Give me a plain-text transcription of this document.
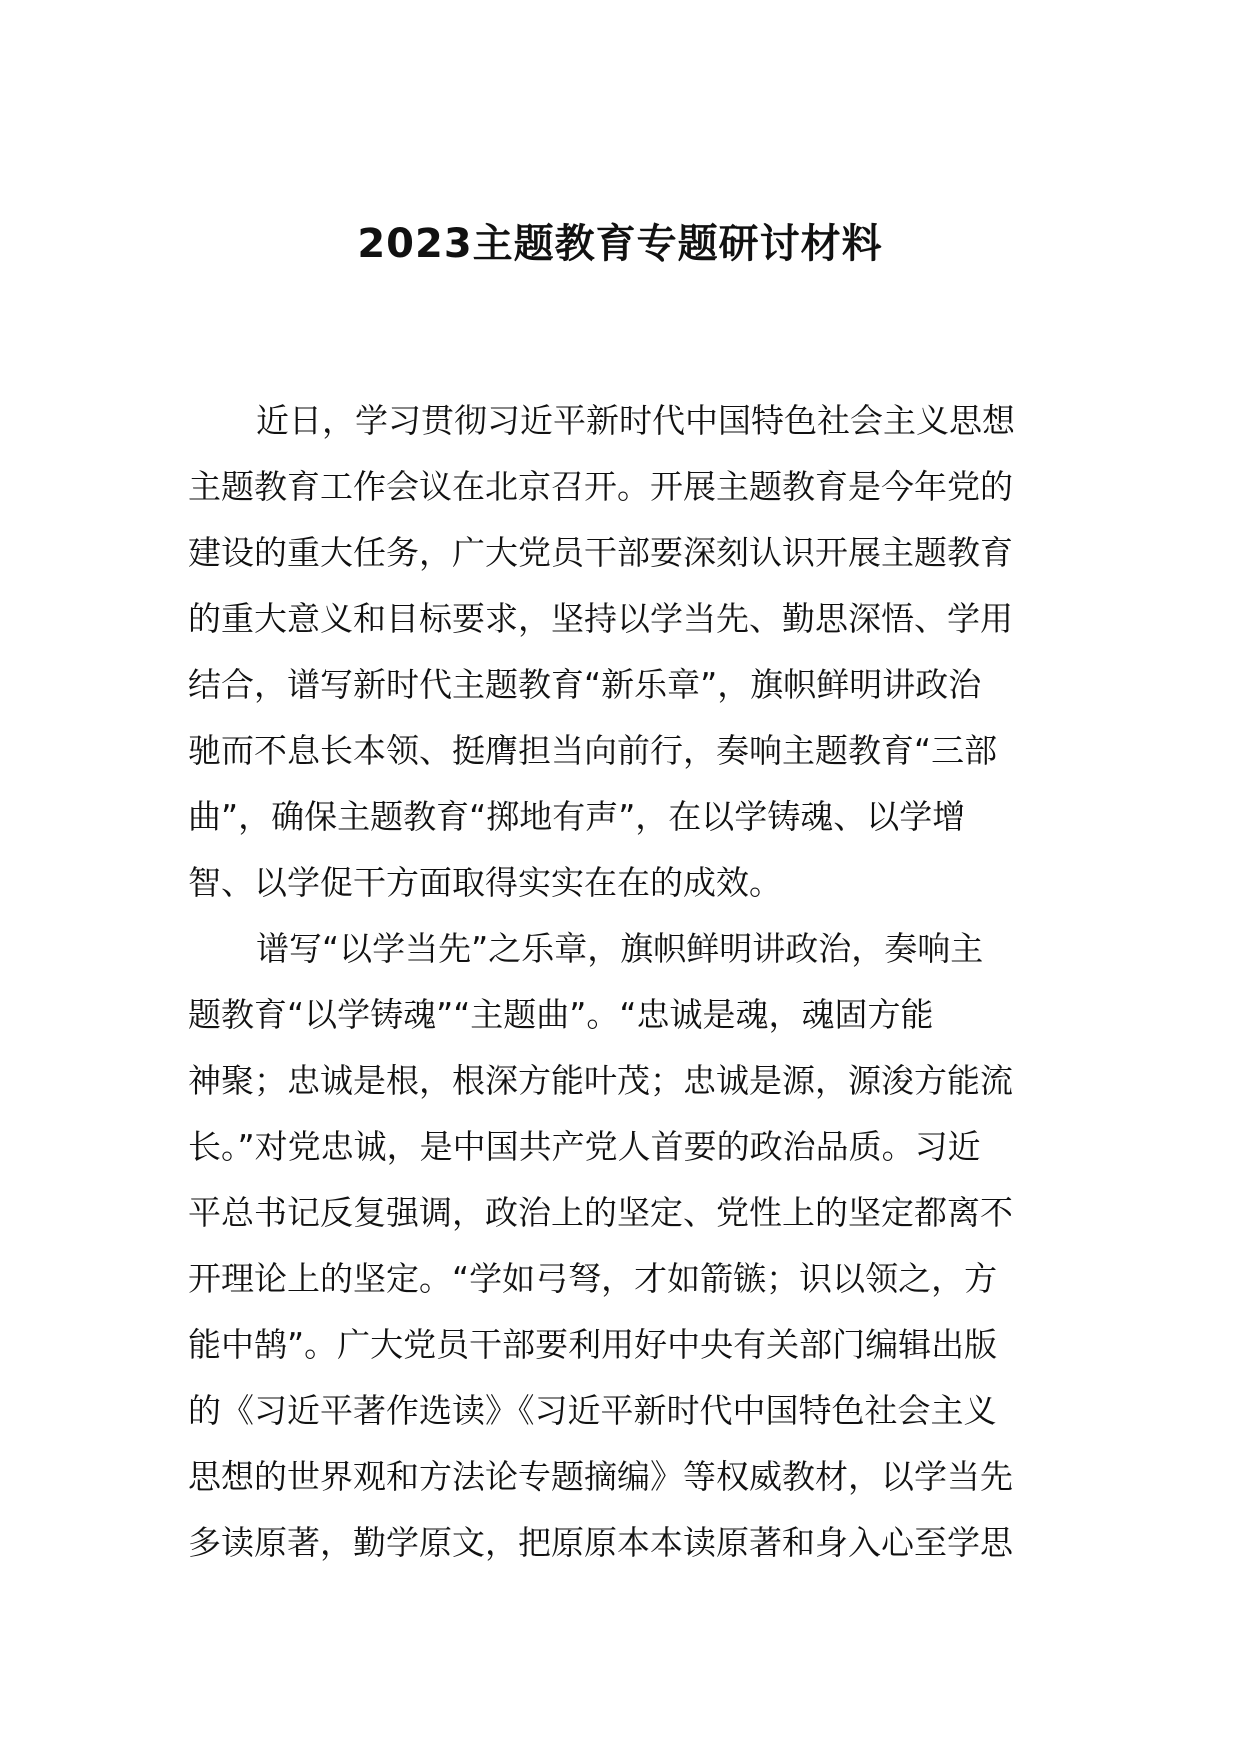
2023主题教育专题研讨材料
近日，学习贯彻习近平新时代中国特色社会主义思想
主题教育工作会议在北京召开。开展主题教育是今年党的
建设的重大任务，广大党员干部要深刻认识开展主题教育
的重大意义和目标要求，坚持以学当先、勤思深悟、学用
结合，谱写新时代主题教育“新乐章”，旗帜鲜明讲政治
驰而不息长本领、挺膺担当向前行，奏响主题教育“三部
曲”，确保主题教育“掷地有声”，在以学铸魂、以学增
智、以学促干方面取得实实在在的成效。
谱写“以学当先”之乐章，旗帜鲜明讲政治，奏响主
题教育“以学铸魂”“主题曲”。“忠诚是魂，魂固方能
神聚；忠诚是根，根深方能叶茂；忠诚是源，源浚方能流
长。”对党忠诚，是中国共产党人首要的政治品质。习近
平总书记反复强调，政治上的坚定、党性上的坚定都离不
开理论上的坚定。“学如弓弩，才如箭镞；识以领之，方
能中鹄”。广大党员干部要利用好中央有关部门编辑出版
的《习近平著作选读》《习近平新时代中国特色社会主义
思想的世界观和方法论专题摘编》等权威教材，以学当先
多读原著，勤学原文，把原原本本读原著和身入心至学思
